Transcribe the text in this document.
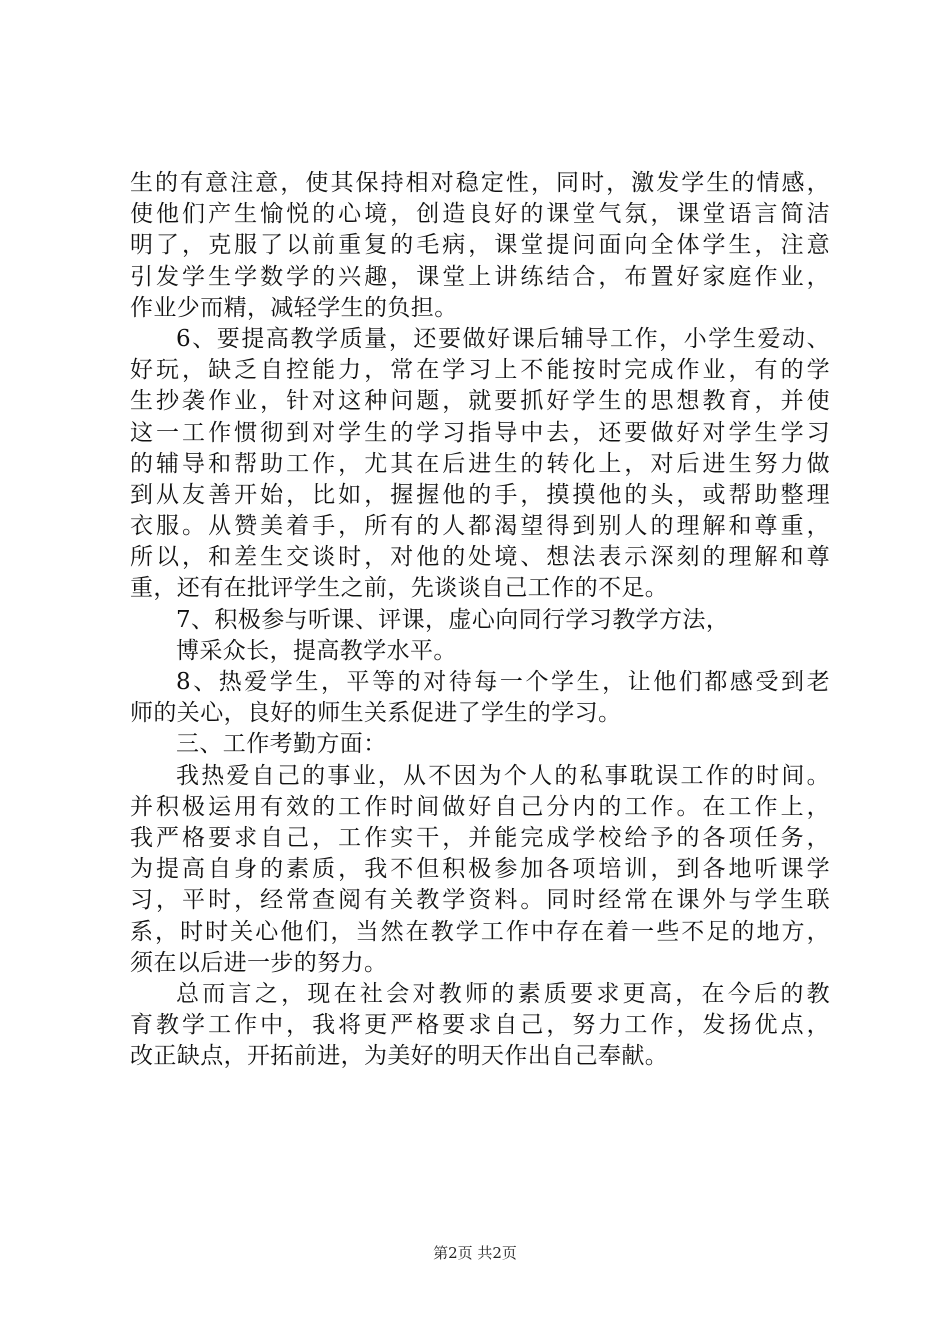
生的有意注意，使其保持相对稳定性，同时，激发学生的情感，
使他们产生愉悦的心境，创造良好的课堂气氛，课堂语言简洁
明了，克服了以前重复的毛病，课堂提问面向全体学生，注意
引发学生学数学的兴趣，课堂上讲练结合，布置好家庭作业，
作业少而精，减轻学生的负担。
6、要提高教学质量，还要做好课后辅导工作，小学生爱动、
好玩，缺乏自控能力，常在学习上不能按时完成作业，有的学
生抄袭作业，针对这种问题，就要抓好学生的思想教育，并使
这一工作惯彻到对学生的学习指导中去，还要做好对学生学习
的辅导和帮助工作，尤其在后进生的转化上，对后进生努力做
到从友善开始，比如，握握他的手，摸摸他的头，或帮助整理
衣服。从赞美着手，所有的人都渴望得到别人的理解和尊重，
所以，和差生交谈时，对他的处境、想法表示深刻的理解和尊
重，还有在批评学生之前，先谈谈自己工作的不足。
7、积极参与听课、评课，虚心向同行学习教学方法，
博采众长，提高教学水平。
8、热爱学生，平等的对待每一个学生，让他们都感受到老
师的关心，良好的师生关系促进了学生的学习。
三、工作考勤方面：
我热爱自己的事业，从不因为个人的私事耽误工作的时间。
并积极运用有效的工作时间做好自己分内的工作。在工作上，
我严格要求自己，工作实干，并能完成学校给予的各项任务，
为提高自身的素质，我不但积极参加各项培训，到各地听课学
习，平时，经常查阅有关教学资料。同时经常在课外与学生联
系，时时关心他们，当然在教学工作中存在着一些不足的地方，
须在以后进一步的努力。
总而言之，现在社会对教师的素质要求更高，在今后的教
育教学工作中，我将更严格要求自己，努力工作，发扬优点，
改正缺点，开拓前进，为美好的明天作出自己奉献。
第2页 共2页
